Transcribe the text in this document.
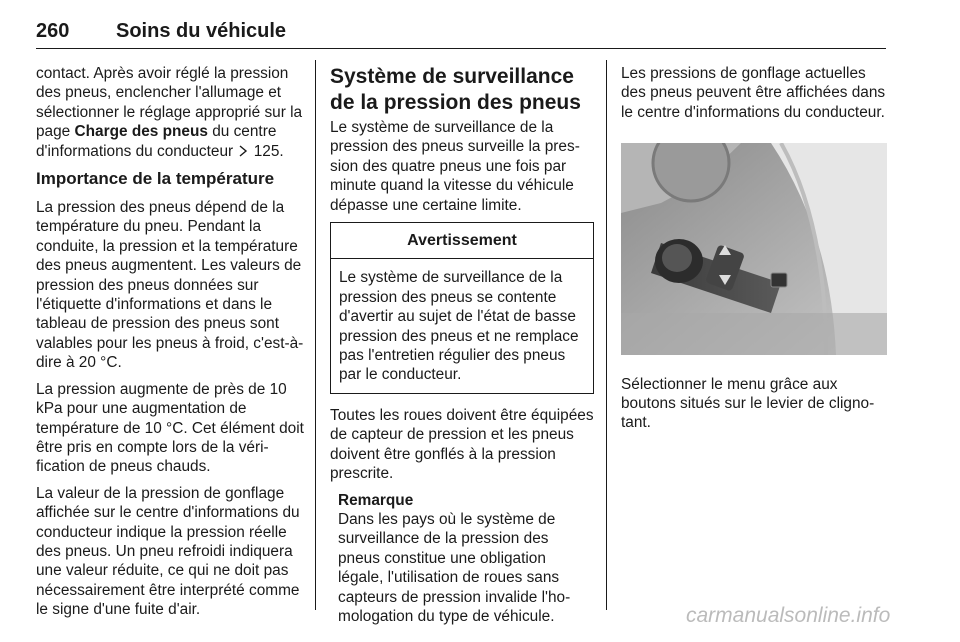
260 Soins du véhicule

contact. Après avoir réglé la pression des pneus, enclencher l'allumage et sélectionner le réglage approprié sur la page Charge des pneus du centre d'informations du conducteur  125.

Importance de la température

La pression des pneus dépend de la température du pneu. Pendant la conduite, la pression et la température des pneus augmentent. Les valeurs de pression des pneus données sur l'étiquette d'informations et dans le tableau de pression des pneus sont valables pour les pneus à froid, c'est-à-dire à 20 °C.

La pression augmente de près de 10 kPa pour une augmentation de température de 10 °C. Cet élément doit être pris en compte lors de la vérification de pneus chauds.

La valeur de la pression de gonflage affichée sur le centre d'informations du conducteur indique la pression réelle des pneus. Un pneu refroidi indiquera une valeur réduite, ce qui ne doit pas nécessairement être interprété comme le signe d'une fuite d'air.

Système de surveillance de la pression des pneus

Le système de surveillance de la pression des pneus surveille la pression des quatre pneus une fois par minute quand la vitesse du véhicule dépasse une certaine limite.

Avertissement
Le système de surveillance de la pression des pneus se contente d'avertir au sujet de l'état de basse pression des pneus et ne remplace pas l'entretien régulier des pneus par le conducteur.

Toutes les roues doivent être équipées de capteur de pression et les pneus doivent être gonflés à la pression prescrite.

Remarque
Dans les pays où le système de surveillance de la pression des pneus constitue une obligation légale, l'utilisation de roues sans capteurs de pression invalide l'homologation du type de véhicule.

Les pressions de gonflage actuelles des pneus peuvent être affichées dans le centre d'informations du conducteur.

Sélectionner le menu grâce aux boutons situés sur le levier de clignotant.

carmanualsonline.info
